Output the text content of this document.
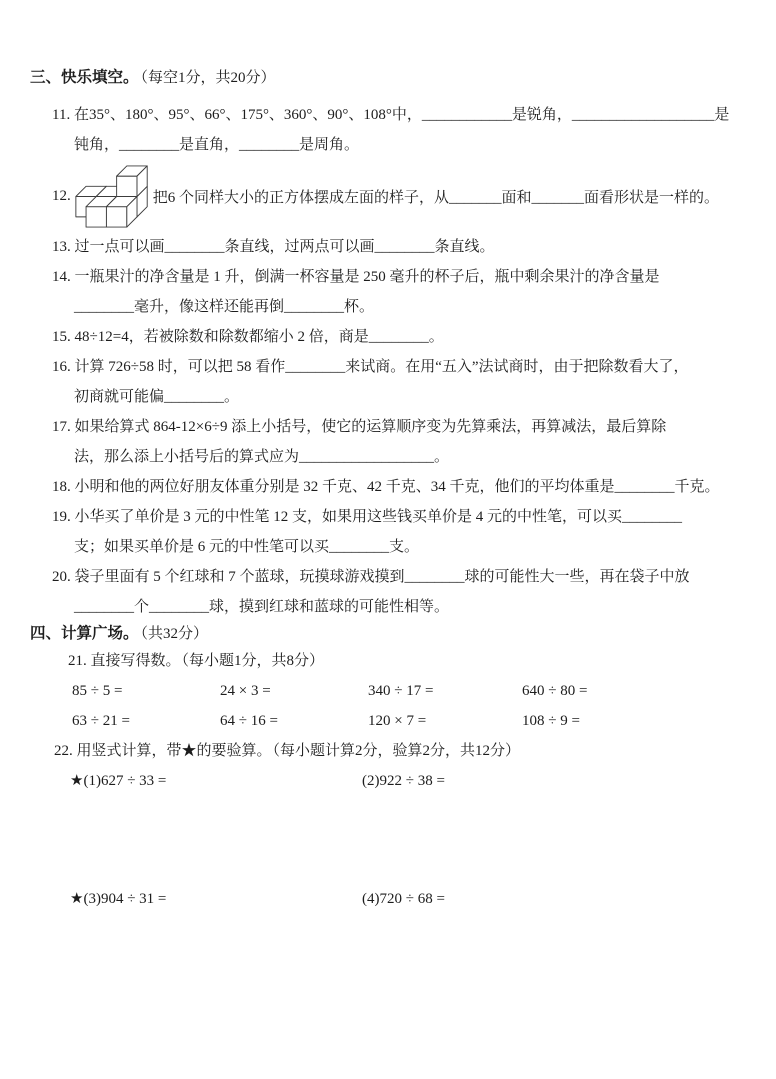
三、快乐填空。 （每空1分，共20分）
11. 在35°、180°、95°、66°、175°、360°、90°、108°中，____________是锐角，___________________是
钝角，________是直角，________是周角。
12.	把6 个同样大小的正方体摆成左面的样子，从_______面和_______面看形状是一样的。
13. 过一点可以画________条直线，过两点可以画________条直线。
14. 一瓶果汁的净含量是 1 升，倒满一杯容量是 250 毫升的杯子后，瓶中剩余果汁的净含量是
________毫升，像这样还能再倒________杯。
15. 48÷12=4，若被除数和除数都缩小 2 倍，商是________。
16. 计算 726÷58 时，可以把 58 看作________来试商。在用“五入”法试商时，由于把除数看大了，
初商就可能偏________。
17. 如果给算式 864-12×6÷9 添上小括号，使它的运算顺序变为先算乘法，再算减法，最后算除
法，那么添上小括号后的算式应为__________________。
18. 小明和他的两位好朋友体重分别是 32 千克、42 千克、34 千克，他们的平均体重是________千克。
19. 小华买了单价是 3 元的中性笔 12 支，如果用这些钱买单价是 4 元的中性笔，可以买________
支；如果买单价是 6 元的中性笔可以买________支。
20. 袋子里面有 5 个红球和 7 个蓝球，玩摸球游戏摸到________球的可能性大一些，再在袋子中放
________个________球，摸到红球和蓝球的可能性相等。
四、计算广场。 （共32分）
21. 直接写得数。（每小题1分，共8分）
85 ÷ 5 =	24 × 3 =	340 ÷ 17 =	640 ÷ 80 =
63 ÷ 21 =	64 ÷ 16 =	120 × 7 =	108 ÷ 9 =
22. 用竖式计算，带★的要验算。（每小题计算2分，验算2分，共12分）
★(1)627 ÷ 33 =	(2)922 ÷ 38 =
★(3)904 ÷ 31 =	(4)720 ÷ 68 =
